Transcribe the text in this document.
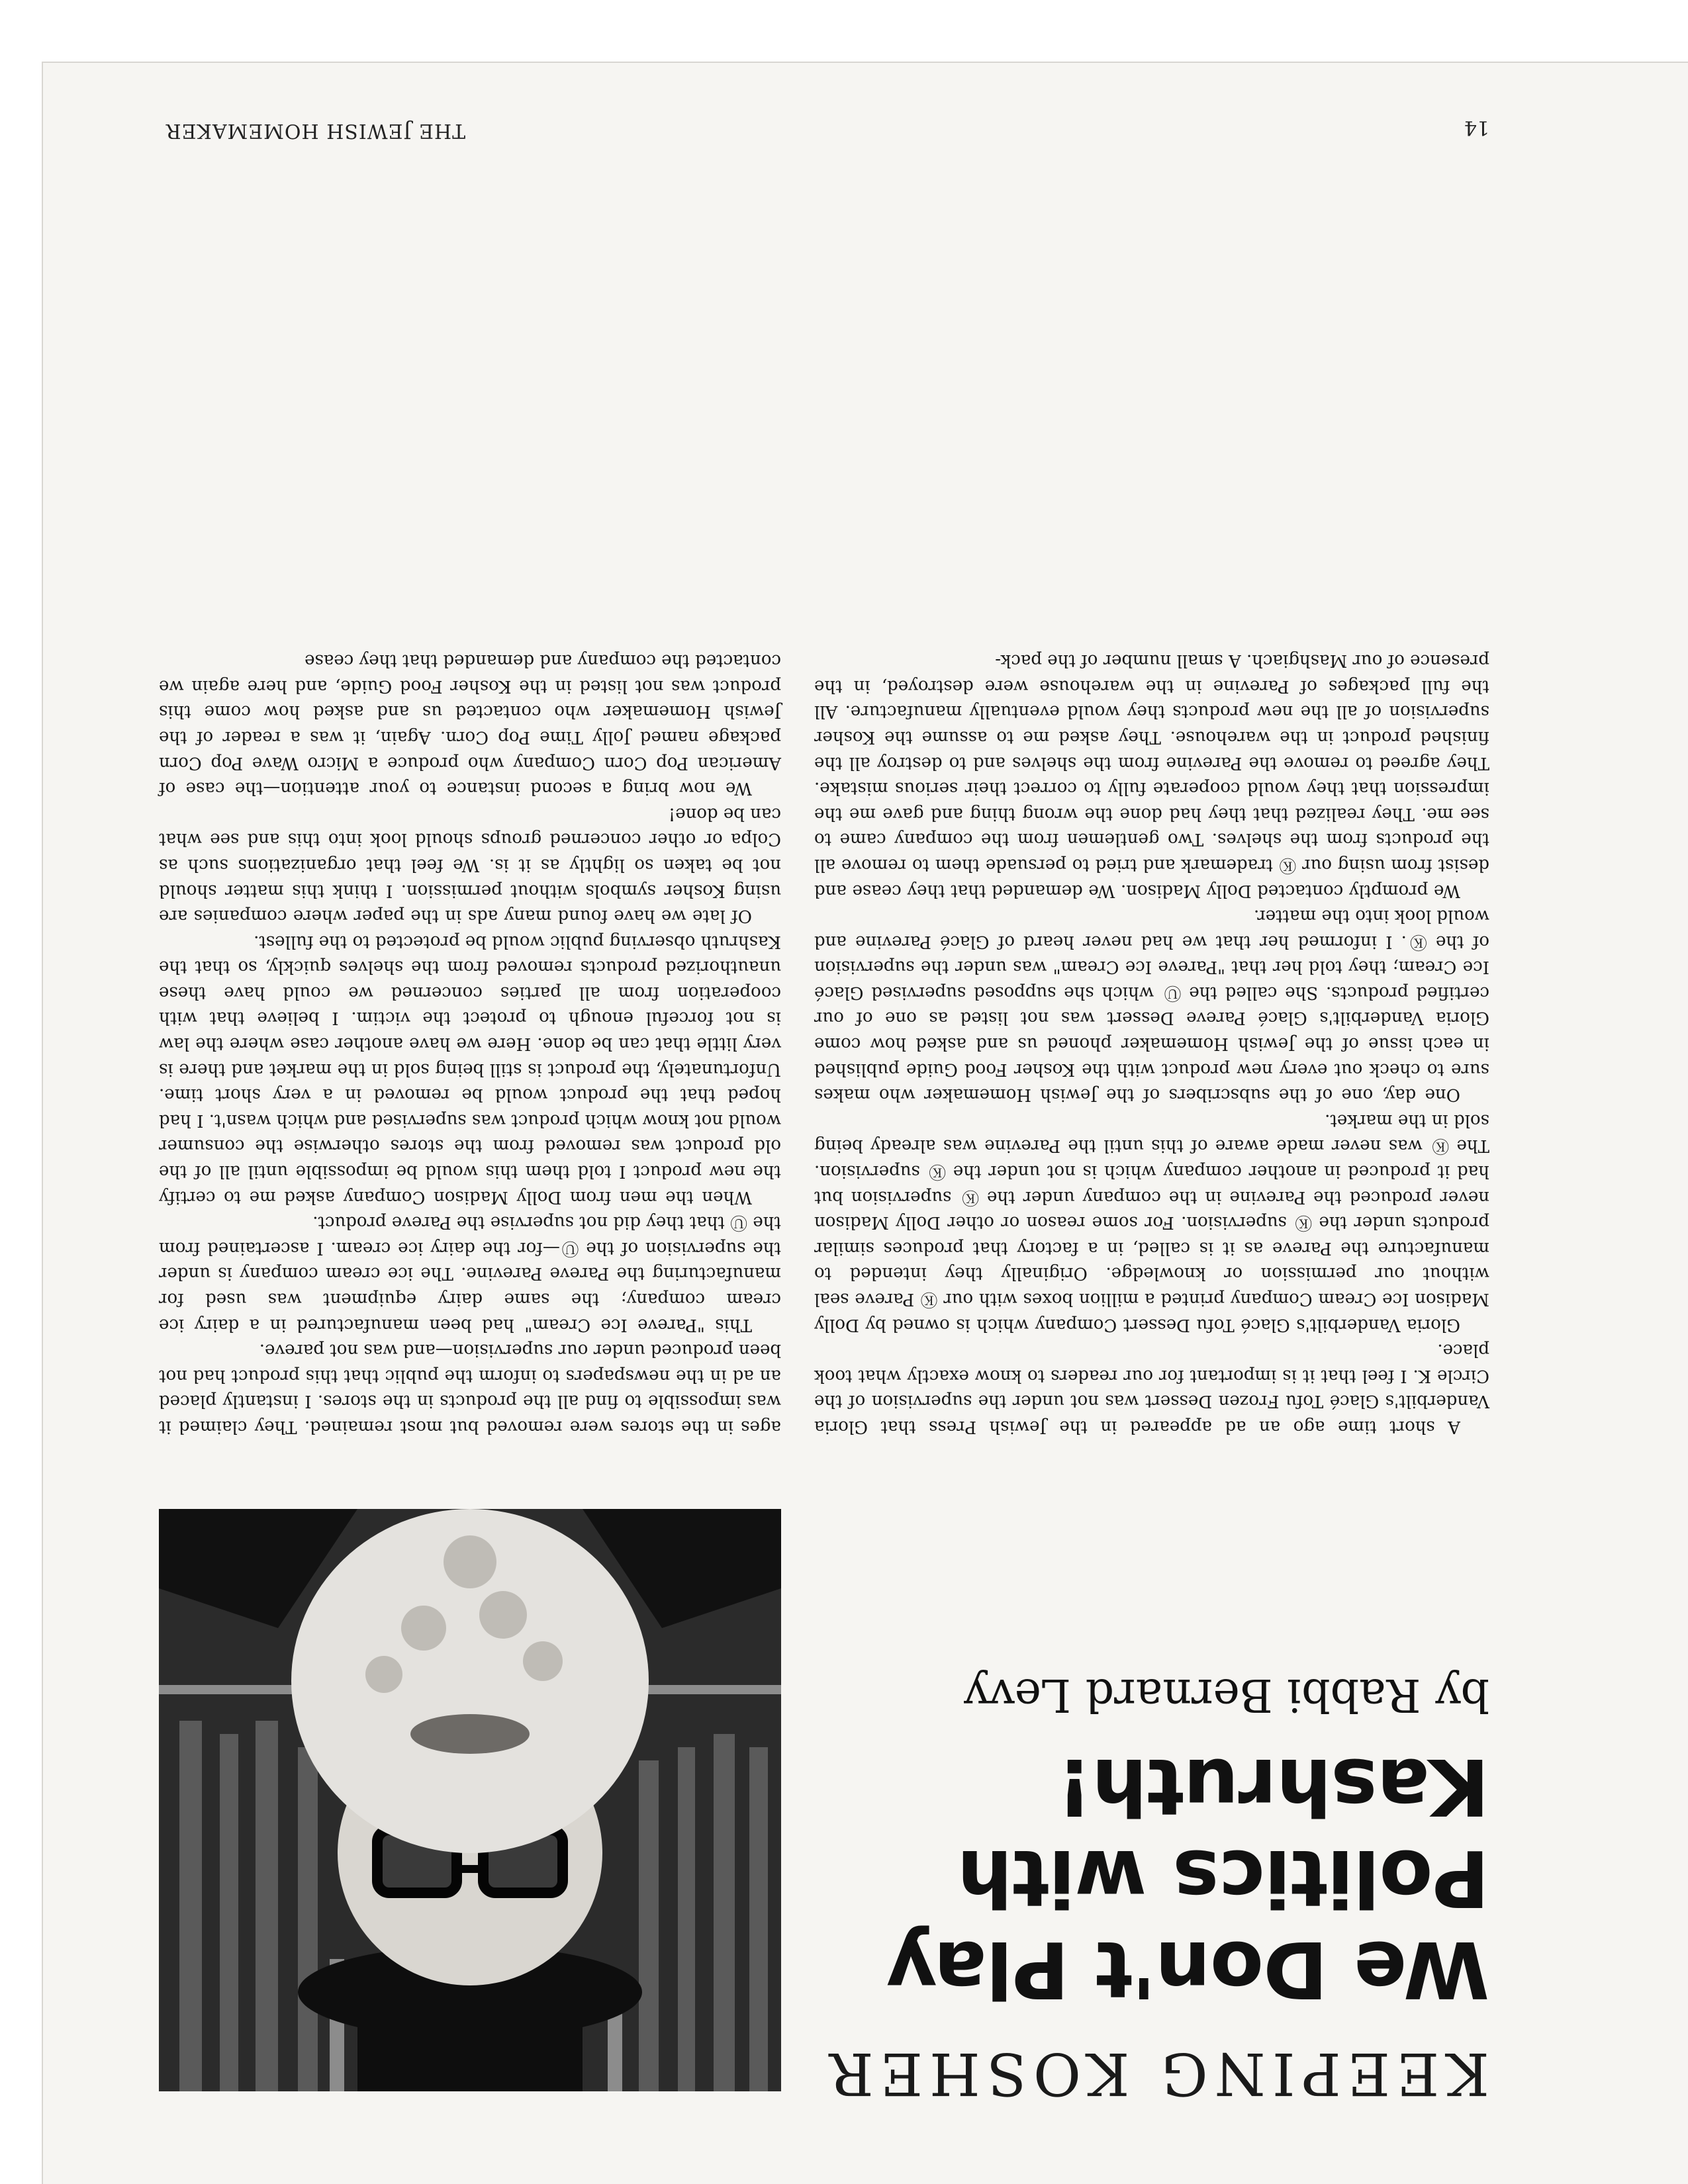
KEEPING KOSHER
We Don't Play Politics with Kashruth!
by Rabbi Bernard Levy

A short time ago an ad appeared in the Jewish Press that Gloria Vanderbilt's Glacé Tofu Frozen Dessert was not under the supervision of the Circle K. I feel that it is important for our readers to know exactly what took place.

Gloria Vanderbilt's Glacé Tofu Dessert Company which is owned by Dolly Madison Ice Cream Company printed a million boxes with our Ⓚ Pareve seal without our permission or knowledge. Originally they intended to manufacture the Pareve as it is called, in a factory that produces similar products under the Ⓚ supervision. For some reason or other Dolly Madison never produced the Parevine in the company under the Ⓚ supervision but had it produced in another company which is not under the Ⓚ supervision. The Ⓚ was never made aware of this until the Parevine was already being sold in the market.

One day, one of the subscribers of the Jewish Homemaker who makes sure to check out every new product with the Kosher Food Guide published in each issue of the Jewish Homemaker phoned us and asked how come Gloria Vanderbilt's Glacé Pareve Dessert was not listed as one of our certified products. She called the Ⓤ which she supposed supervised Glacé Ice Cream; they told her that "Pareve Ice Cream" was under the supervision of the Ⓚ. I informed her that we had never heard of Glacé Parevine and would look into the matter.

We promptly contacted Dolly Madison. We demanded that they cease and desist from using our Ⓚ trademark and tried to persuade them to remove all the products from the shelves. Two gentlemen from the company came to see me. They realized that they had done the wrong thing and gave me the impression that they would cooperate fully to correct their serious mistake. They agreed to remove the Parevine from the shelves and to destroy all the finished product in the warehouse. They asked me to assume the Kosher supervision of all the new products they would eventually manufacture. All the full packages of Parevine in the warehouse were destroyed, in the presence of our Mashgiach. A small number of the pack-

ages in the stores were removed but most remained. They claimed it was impossible to find all the products in the stores. I instantly placed an ad in the newspapers to inform the public that this product had not been produced under our supervision—and was not pareve.

This "Pareve Ice Cream" had been manufactured in a dairy ice cream company; the same dairy equipment was used for manufacturing the Pareve Parevine. The ice cream company is under the supervision of the Ⓤ—for the dairy ice cream. I ascertained from the Ⓤ that they did not supervise the Pareve product.

When the men from Dolly Madison Company asked me to certify the new product I told them this would be impossible until all of the old product was removed from the stores otherwise the consumer would not know which product was supervised and which wasn't. I had hoped that the product would be removed in a very short time. Unfortunately, the product is still being sold in the market and there is very little that can be done. Here we have another case where the law is not forceful enough to protect the victim. I believe that with cooperation from all parties concerned we could have these unauthorized products removed from the shelves quickly, so that the Kashruth observing public would be protected to the fullest.

Of late we have found many ads in the paper where companies are using Kosher symbols without permission. I think this matter should not be taken so lightly as it is. We feel that organizations such as Colpa or other concerned groups should look into this and see what can be done!

We now bring a second instance to your attention—the case of American Pop Corn Company who produce a Micro Wave Pop Corn package named Jolly Time Pop Corn. Again, it was a reader of the Jewish Homemaker who contacted us and asked how come this product was not listed in the Kosher Food Guide, and here again we contacted the company and demanded that they cease

14
THE JEWISH HOMEMAKER
